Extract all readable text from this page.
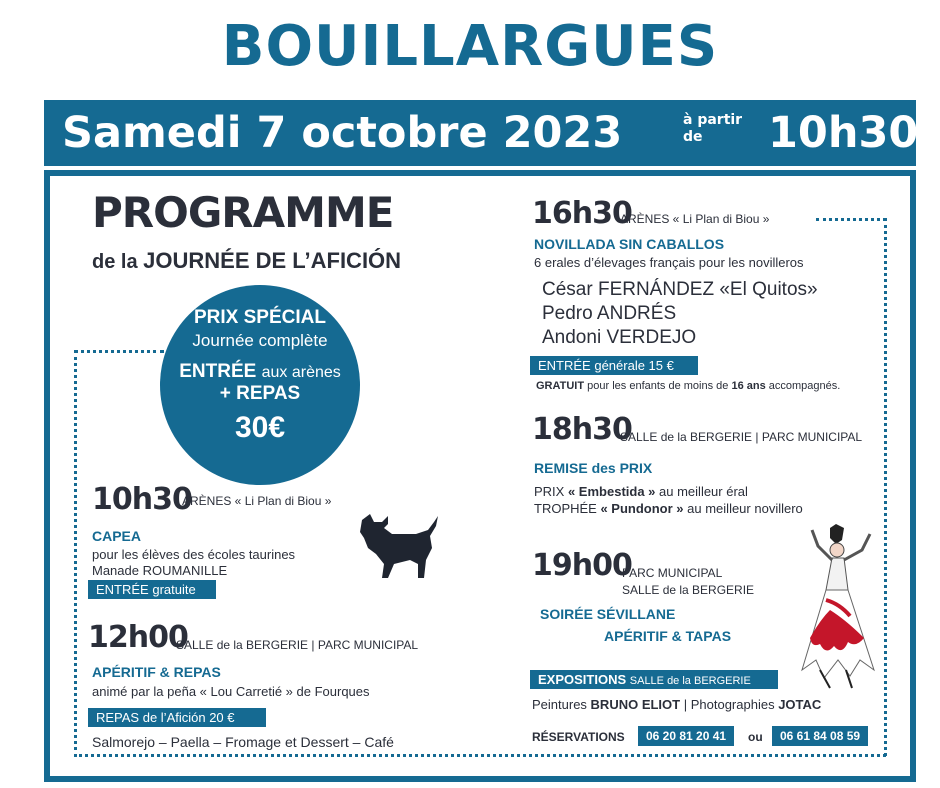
BOUILLARGUES
Samedi 7 octobre 2023	à partir
de	10h30
PROGRAMME
de la JOURNÉE DE L’AFICIÓN
PRIX SPÉCIAL
Journée complète
ENTRÉE aux arènes
+ REPAS
30€
10h30
ARÈNES « Li Plan di Biou »
CAPEA
pour les élèves des écoles taurines
Manade ROUMANILLE
ENTRÉE gratuite
12h00
SALLE de la BERGERIE | PARC MUNICIPAL
APÉRITIF & REPAS
animé par la peña « Lou Carretié » de Fourques
REPAS de l’Afición 20 €
Salmorejo – Paella – Fromage et Dessert – Café
16h30
ARÈNES « Li Plan di Biou »
NOVILLADA SIN CABALLOS
6 erales d’élevages français pour les novilleros
César FERNÁNDEZ «El Quitos»
Pedro ANDRÉS
Andoni VERDEJO
ENTRÉE générale 15 €
GRATUIT pour les enfants de moins de 16 ans accompagnés.
18h30
SALLE de la BERGERIE | PARC MUNICIPAL
REMISE des PRIX
PRIX « Embestida » au meilleur éral
TROPHÉE « Pundonor » au meilleur novillero
19h00
PARC MUNICIPAL
SALLE de la BERGERIE
SOIRÉE SÉVILLANE
APÉRITIF & TAPAS
EXPOSITIONS SALLE de la BERGERIE
Peintures BRUNO ELIOT | Photographies JOTAC
RÉSERVATIONS	06 20 81 20 41	ou	06 61 84 08 59
